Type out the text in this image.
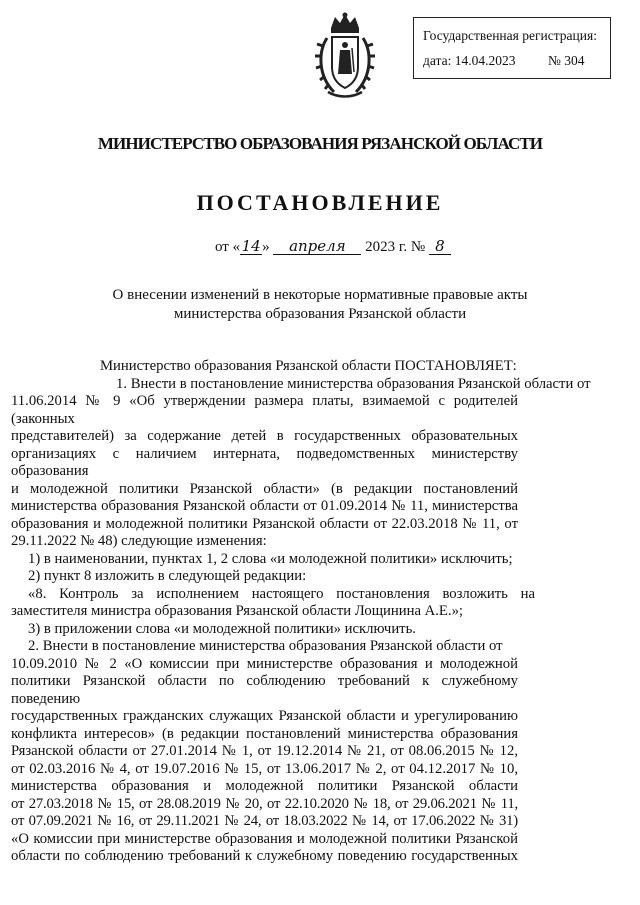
Государственная регистрация:
дата: 14.04.2023 № 304
МИНИСТЕРСТВО ОБРАЗОВАНИЯ РЯЗАНСКОЙ ОБЛАСТИ
ПОСТАНОВЛЕНИЕ
от «14» апреля 2023 г. № 8
О внесении изменений в некоторые нормативные правовые акты
министерства образования Рязанской области

Министерство образования Рязанской области ПОСТАНОВЛЯЕТ:

1. Внести в постановление министерства образования Рязанской области от

11.06.2014 № 9 «Об утверждении размера платы, взимаемой с родителей (законных

представителей) за содержание детей в государственных образовательных

организациях с наличием интерната, подведомственных министерству образования

и молодежной политики Рязанской области» (в редакции постановлений

министерства образования Рязанской области от 01.09.2014 № 11, министерства

образования и молодежной политики Рязанской области от 22.03.2018 № 11, от

29.11.2022 № 48) следующие изменения:

1) в наименовании, пунктах 1, 2 слова «и молодежной политики» исключить;

2) пункт 8 изложить в следующей редакции:

«8. Контроль за исполнением настоящего постановления возложить на

заместителя министра образования Рязанской области Лощинина А.Е.»;

3) в приложении слова «и молодежной политики» исключить.

2. Внести в постановление министерства образования Рязанской области от

10.09.2010 № 2 «О комиссии при министерстве образования и молодежной

политики Рязанской области по соблюдению требований к служебному поведению

государственных гражданских служащих Рязанской области и урегулированию

конфликта интересов» (в редакции постановлений министерства образования

Рязанской области от 27.01.2014 № 1, от 19.12.2014 № 21, от 08.06.2015 № 12,

от 02.03.2016 № 4, от 19.07.2016 № 15, от 13.06.2017 № 2, от 04.12.2017 № 10,

министерства образования и молодежной политики Рязанской области

от 27.03.2018 № 15, от 28.08.2019 № 20, от 22.10.2020 № 18, от 29.06.2021 № 11,

от 07.09.2021 № 16, от 29.11.2021 № 24, от 18.03.2022 № 14, от 17.06.2022 № 31)

«О комиссии при министерстве образования и молодежной политики Рязанской

области по соблюдению требований к служебному поведению государственных
